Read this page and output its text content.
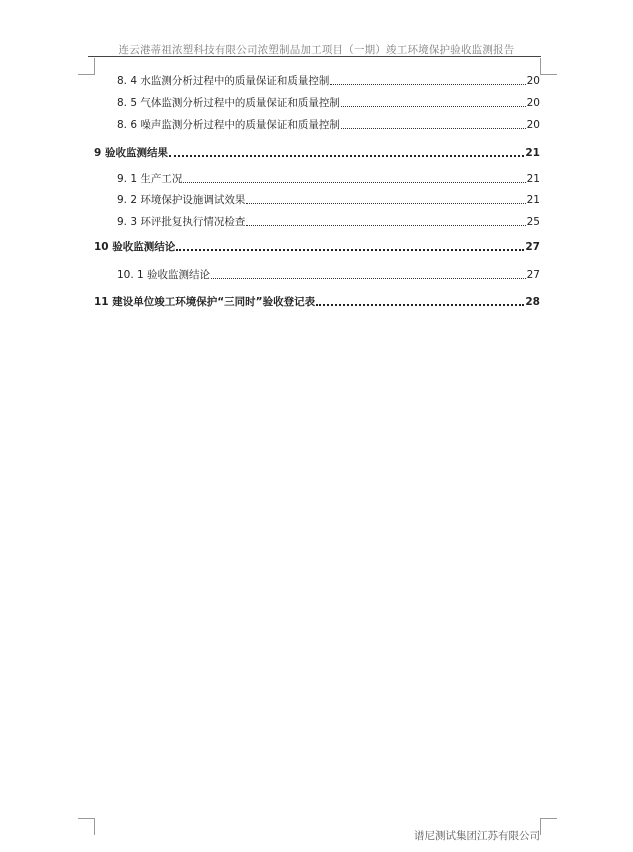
连云港蒂祖浓塑科技有限公司浓塑制品加工项目（一期）竣工环境保护验收监测报告
8. 4 水监测分析过程中的质量保证和质量控制	20
8. 5 气体监测分析过程中的质量保证和质量控制	20
8. 6 噪声监测分析过程中的质量保证和质量控制	20
9 验收监测结果	21
9. 1 生产工况	21
9. 2 环境保护设施调试效果	21
9. 3 环评批复执行情况检查	25
10 验收监测结论	27
10. 1 验收监测结论	27
11 建设单位竣工环境保护“三同时”验收登记表	28
谱尼测试集团江苏有限公司
